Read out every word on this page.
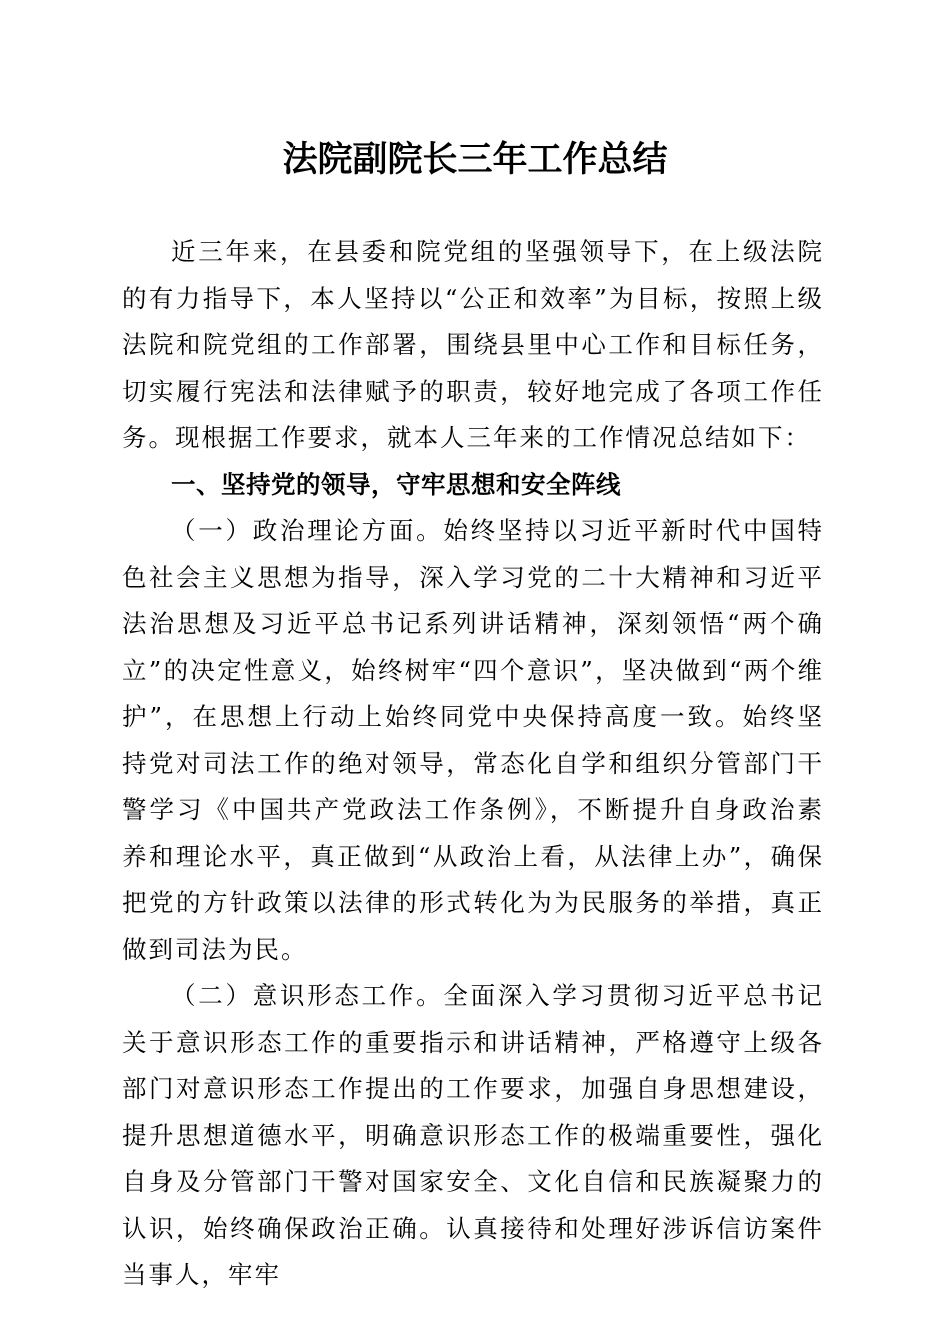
法院副院长三年工作总结

近三年来，在县委和院党组的坚强领导下，在上级法院的有力指导下，本人坚持以“公正和效率”为目标，按照上级法院和院党组的工作部署，围绕县里中心工作和目标任务，切实履行宪法和法律赋予的职责，较好地完成了各项工作任务。现根据工作要求，就本人三年来的工作情况总结如下：

一、坚持党的领导，守牢思想和安全阵线

（一）政治理论方面。始终坚持以习近平新时代中国特色社会主义思想为指导，深入学习党的二十大精神和习近平法治思想及习近平总书记系列讲话精神，深刻领悟“两个确立”的决定性意义，始终树牢“四个意识”，坚决做到“两个维护”，在思想上行动上始终同党中央保持高度一致。始终坚持党对司法工作的绝对领导，常态化自学和组织分管部门干警学习《中国共产党政法工作条例》，不断提升自身政治素养和理论水平，真正做到“从政治上看，从法律上办”，确保把党的方针政策以法律的形式转化为为民服务的举措，真正做到司法为民。

（二）意识形态工作。全面深入学习贯彻习近平总书记关于意识形态工作的重要指示和讲话精神，严格遵守上级各部门对意识形态工作提出的工作要求，加强自身思想建设，提升思想道德水平，明确意识形态工作的极端重要性，强化自身及分管部门干警对国家安全、文化自信和民族凝聚力的认识，始终确保政治正确。认真接待和处理好涉诉信访案件当事人，牢牢
